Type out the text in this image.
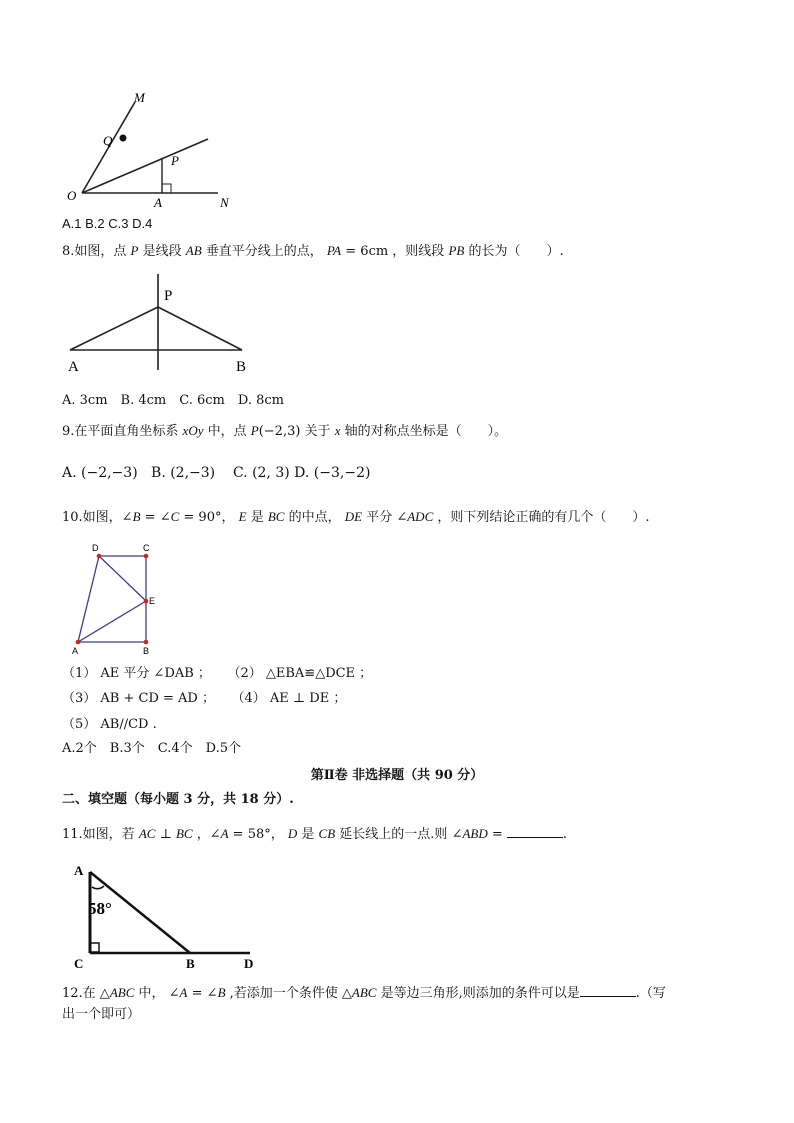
M
Q
P
O	A	N
A.1 B.2 C.3 D.4
8.如图，点 P 是线段 AB 垂直平分线上的点， PA = 6cm ，则线段 PB 的长为（　　）.
P
A	B
A. 3cm　B. 4cm　C. 6cm　D. 8cm
9.在平面直角坐标系 xOy 中，点 P(−2,3) 关于 x 轴的对称点坐标是（　　）。
A. (−2,−3) B. (2,−3) C. (2, 3) D. (−3,−2)
10.如图，∠B = ∠C = 90°， E 是 BC 的中点， DE 平分 ∠ADC ，则下列结论正确的有几个（　　）.
D	C
E
A	B
（1） AE 平分 ∠DAB ； （2） △EBA≌△DCE ；
（3） AB + CD = AD ； （4） AE ⊥ DE ；
（5） AB//CD .
A.2个　B.3个　C.4个　D.5个
第Ⅱ卷 非选择题（共 90 分）
二、填空题（每小题 3 分，共 18 分）.
11.如图，若 AC ⊥ BC ，∠A = 58°， D 是 CB 延长线上的一点.则 ∠ABD =	.
A
58°
C	B	D
12.在 △ABC 中， ∠A = ∠B ,若添加一个条件使 △ABC 是等边三角形,则添加的条件可以是	.（写
出一个即可）
